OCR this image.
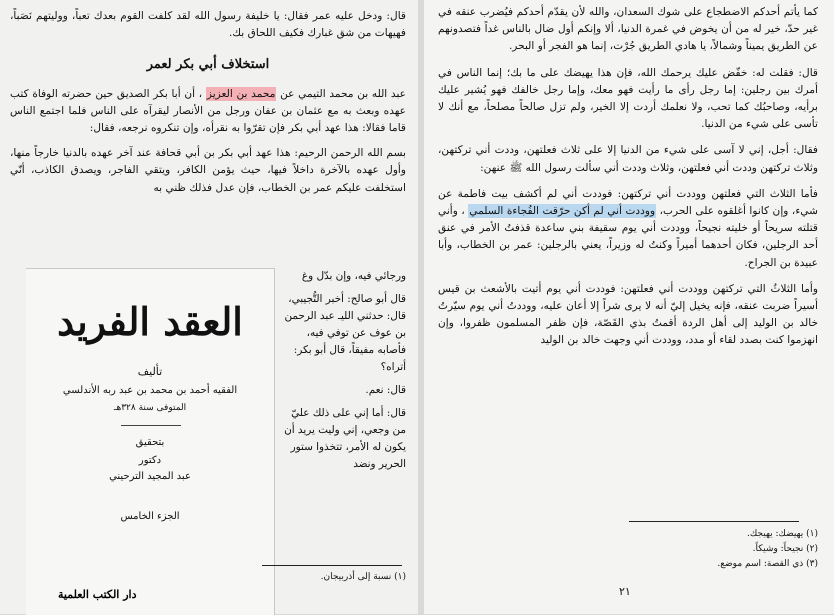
كما يأتم أحدكم الاضطجاع على شوك السعدان، والله لأن يقدّم أحدكم فيُضرب عنقه في غير حدّ، خير له من أن يخوض في غمرة الدنيا، ألا وإنكم أول ضال بالناس غداً فتصدونهم عن الطريق يميناً وشمالاً، يا هادي الطريق جُرْت، إنما هو الفجر أو البحر.

قال: فقلت له: خفّض عليك يرحمك الله، فإن هذا يهيضك على ما بك؛ إنما الناس في أمرك بين رجلين: إما رجل رأى ما رأيت فهو معك، وإما رجل خالفك فهو يُشير عليك برأيه، وصاحبُك كما تحب، ولا نعلمك أردت إلا الخير، ولم تزل صالحاً مصلحاً، مع أنك لا تأسى على شيء من الدنيا.

فقال: أجل، إني لا آسى على شيء من الدنيا إلا على ثلاث فعلتهن، وددت أني تركتهن، وثلاث تركتهن وددت أني فعلتهن، وثلاث وددت أني سألت رسول الله ﷺ عنهن:

فأما الثلاث التي فعلتهن ووددت أني تركتهن: فوددت أني لم أكشف بيت فاطمة عن شيء، وإن كانوا أغلقوه على الحرب، ووددت أني لم أكن حرّقت الفُجاءة السلمي ، وأني قتلته سريحاً أو خليته نجيحاً، ووددت أني يوم سقيفة بني ساعدة قذفتُ الأمر في عنق أحد الرجلين، فكان أحدهما أميراً وكنتُ له وزيراً، يعني بالرجلين: عمر بن الخطاب، وأبا عبيدة بن الجراح.

وأما الثلاثُ التي تركتهن ووددت أني فعلتهن: فوددت أني يوم أتيت بالأشعث بن قيس أسيراً ضربت عنقه، فإنه يخيل إليّ أنه لا يرى شراً إلا أعان عليه، ووددتُ أني يوم سيّرتُ خالد بن الوليد إلى أهل الردة أقمتُ بذي القَصّة، فإن ظفر المسلمون ظفروا، وإن انهزموا كنت بصدد لقاء أو مدد، ووددت أني وجهت خالد بن الوليد

(١) يهيضك: يهيجك.
(٢) نجيحاً: وشيكاً.
(٣) ذي القصة: اسم موضع.
٢١

قال: ودخل عليه عمر فقال: يا خليفة رسول الله لقد كلفت القوم بعدك تعباً، ووليتهم نَصَباً، فهيهات من شق غبارك فكيف اللحاق بك.

استخلاف أبي بكر لعمر

عبد الله بن محمد التيمي عن محمد بن العزيز ، أن أبا بكر الصديق حين حضرته الوفاة كتب عهده وبعث به مع عثمان بن عفان ورجل من الأنصار ليقرآه على الناس فلما اجتمع الناس قاما فقالا: هذا عهد أبي بكر فإن تقرّوا به نقرأه، وإن تنكروه نرجعه، فقال:

بسم الله الرحمن الرحيم: هذا عهد أبي بكر بن أبي قحافة عند آخر عهده بالدنيا خارجاً منها، وأول عهده بالآخرة داخلاً فيها، حيث يؤمن الكافر، ويتقي الفاجر، ويصدق الكاذب، أنّي استخلفت عليكم عمر بن الخطاب، فإن عدل فذلك ظني به

العقد الفريد
تأليف
الفقيه أحمد بن محمد بن عبد ربه الأندلسي
المتوفى سنة ٣٢٨هـ
بتحقيق
دكتور
عبد المجيد الترحيني
الجزء الخامس
دار الكتب العلمية

ورجائي فيه، وإن بدّل وغ

قال أبو صالح: أخبر التُّجيبي، قال: حدثني الليـ عبد الرحمن بن عوف عن توفي فيه، فأصابه مفيقاً، قال أبو بكر: أتراه؟

قال: نعم.

قال: أما إني على ذلك عليّ من وجعي، إني وليت يريد أن يكون له الأمر، تتخذوا ستور الحرير ونضد

(١) نسبة إلى أذربيجان.
